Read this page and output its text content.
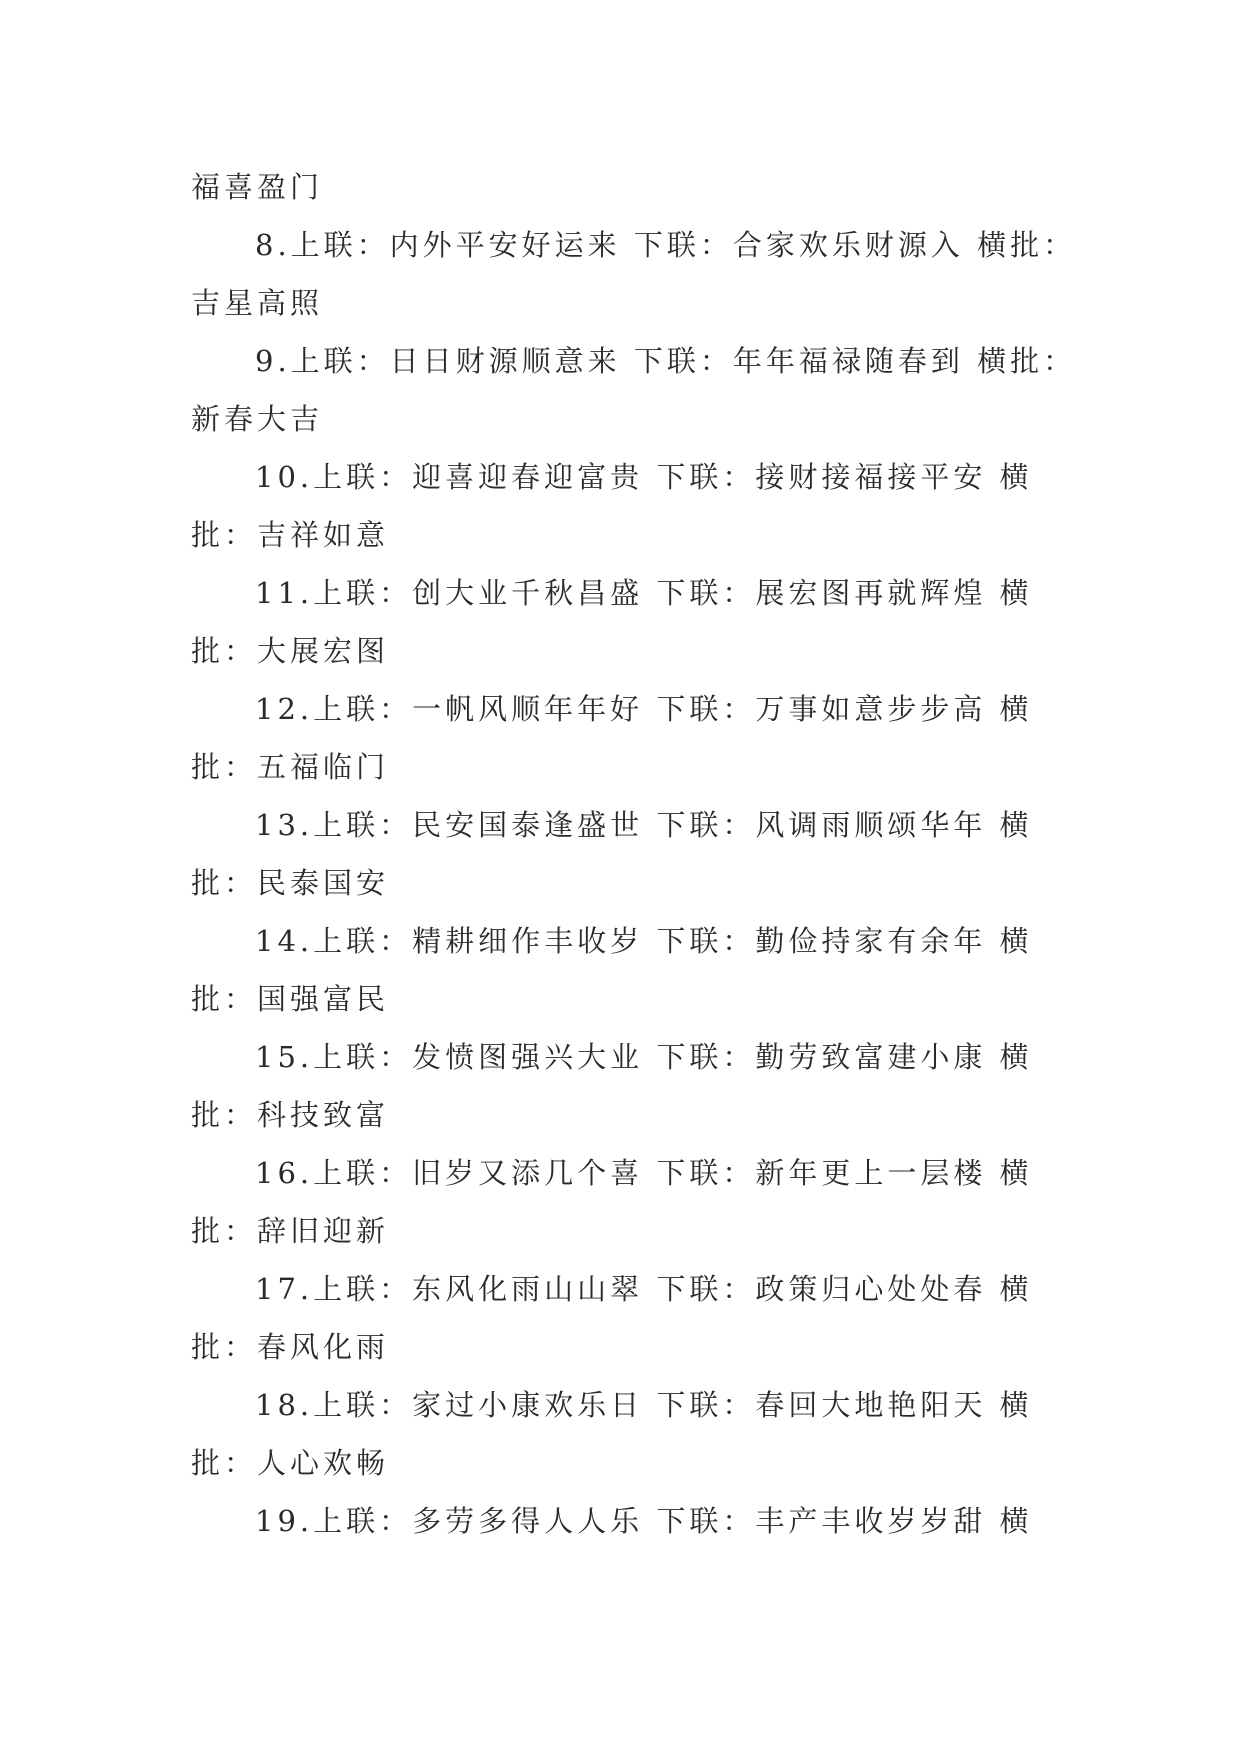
福喜盈门
8.上联：内外平安好运来 下联：合家欢乐财源入 横批：
吉星高照
9.上联：日日财源顺意来 下联：年年福禄随春到 横批：
新春大吉
10.上联：迎喜迎春迎富贵 下联：接财接福接平安 横
批：吉祥如意
11.上联：创大业千秋昌盛 下联：展宏图再就辉煌 横
批：大展宏图
12.上联：一帆风顺年年好 下联：万事如意步步高 横
批：五福临门
13.上联：民安国泰逢盛世 下联：风调雨顺颂华年 横
批：民泰国安
14.上联：精耕细作丰收岁 下联：勤俭持家有余年 横
批：国强富民
15.上联：发愤图强兴大业 下联：勤劳致富建小康 横
批：科技致富
16.上联：旧岁又添几个喜 下联：新年更上一层楼 横
批：辞旧迎新
17.上联：东风化雨山山翠 下联：政策归心处处春 横
批：春风化雨
18.上联：家过小康欢乐日 下联：春回大地艳阳天 横
批：人心欢畅
19.上联：多劳多得人人乐 下联：丰产丰收岁岁甜 横
